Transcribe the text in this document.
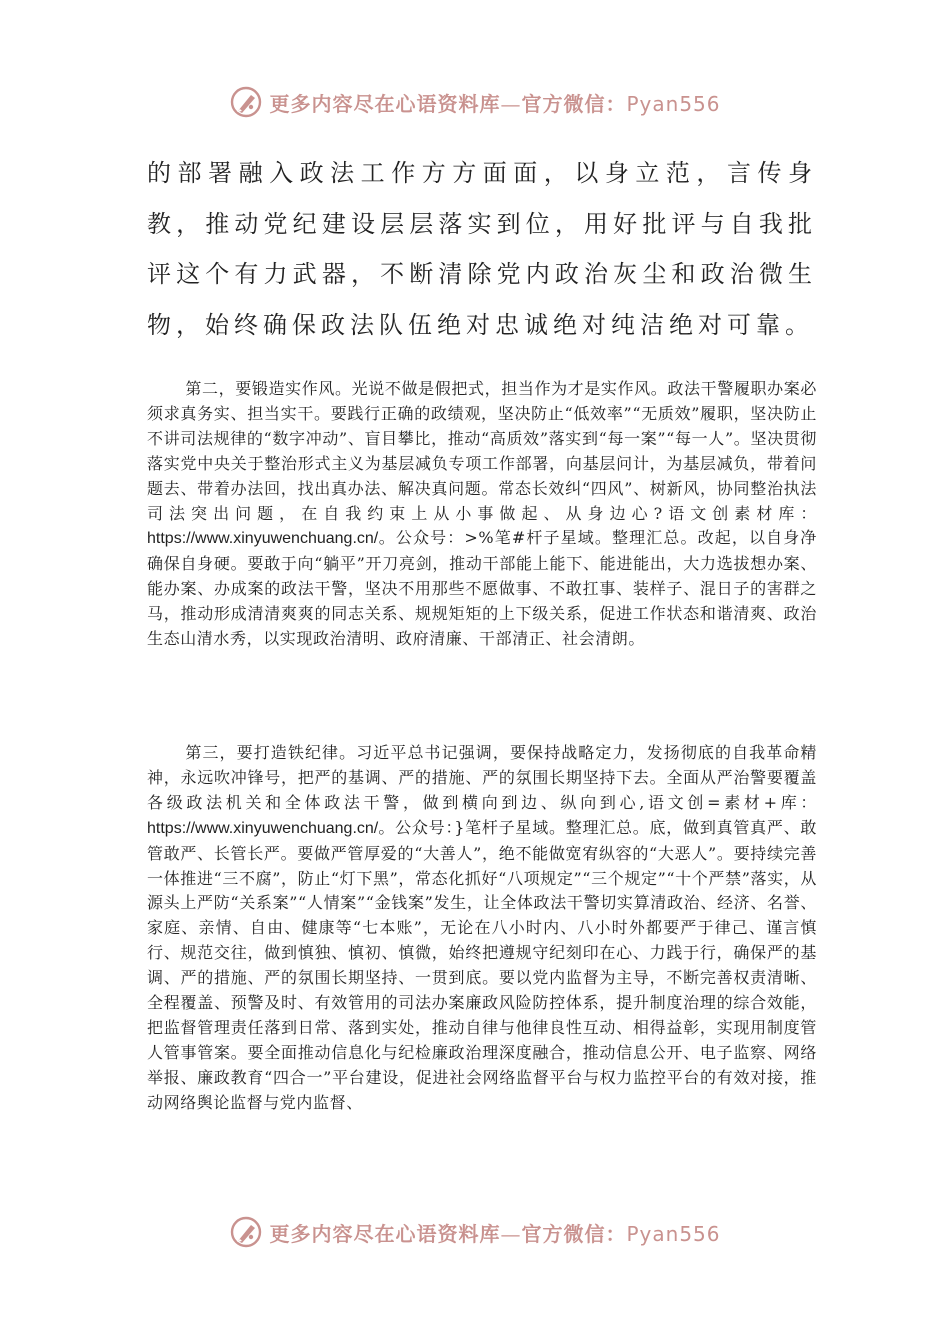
更多内容尽在心语资料库—官方微信：Pyan556

的部署融入政法工作方方面面，以身立范，言传身教，推动党纪建设层层落实到位，用好批评与自我批评这个有力武器，不断清除党内政治灰尘和政治微生物，始终确保政法队伍绝对忠诚绝对纯洁绝对可靠。

第二，要锻造实作风。光说不做是假把式，担当作为才是实作风。政法干警履职办案必须求真务实、担当实干。要践行正确的政绩观，坚决防止“低效率”“无质效”履职，坚决防止不讲司法规律的“数字冲动”、盲目攀比，推动“高质效”落实到“每一案”“每一人”。坚决贯彻落实党中央关于整治形式主义为基层减负专项工作部署，向基层问计，为基层减负，带着问题去、带着办法回，找出真办法、解决真问题。常态长效纠“四风”、树新风，协同整治执法司法突出问题，在自我约束上从小事做起、从身边心?语文创素材库：https://www.xinyuwenchuang.cn/。公众号：>%笔#杆子星域。整理汇总。改起，以自身净确保自身硬。要敢于向“躺平”开刀亮剑，推动干部能上能下、能进能出，大力选拔想办案、能办案、办成案的政法干警，坚决不用那些不愿做事、不敢扛事、装样子、混日子的害群之马，推动形成清清爽爽的同志关系、规规矩矩的上下级关系，促进工作状态和谐清爽、政治生态山清水秀，以实现政治清明、政府清廉、干部清正、社会清朗。

第三，要打造铁纪律。习近平总书记强调，要保持战略定力，发扬彻底的自我革命精神，永远吹冲锋号，把严的基调、严的措施、严的氛围长期坚持下去。全面从严治警要覆盖各级政法机关和全体政法干警，做到横向到边、纵向到心,语文创=素材+库：https://www.xinyuwenchuang.cn/。公众号：}笔杆子星域。整理汇总。底，做到真管真严、敢管敢严、长管长严。要做严管厚爱的“大善人”，绝不能做宽宥纵容的“大恶人”。要持续完善一体推进“三不腐”，防止“灯下黑”，常态化抓好“八项规定”“三个规定”“十个严禁”落实，从源头上严防“关系案”“人情案”“金钱案”发生，让全体政法干警切实算清政治、经济、名誉、家庭、亲情、自由、健康等“七本账”，无论在八小时内、八小时外都要严于律己、谨言慎行、规范交往，做到慎独、慎初、慎微，始终把遵规守纪刻印在心、力践于行，确保严的基调、严的措施、严的氛围长期坚持、一贯到底。要以党内监督为主导，不断完善权责清晰、全程覆盖、预警及时、有效管用的司法办案廉政风险防控体系，提升制度治理的综合效能，把监督管理责任落到日常、落到实处，推动自律与他律良性互动、相得益彰，实现用制度管人管事管案。要全面推动信息化与纪检廉政治理深度融合，推动信息公开、电子监察、网络举报、廉政教育“四合一”平台建设，促进社会网络监督平台与权力监控平台的有效对接，推动网络舆论监督与党内监督、

更多内容尽在心语资料库—官方微信：Pyan556
